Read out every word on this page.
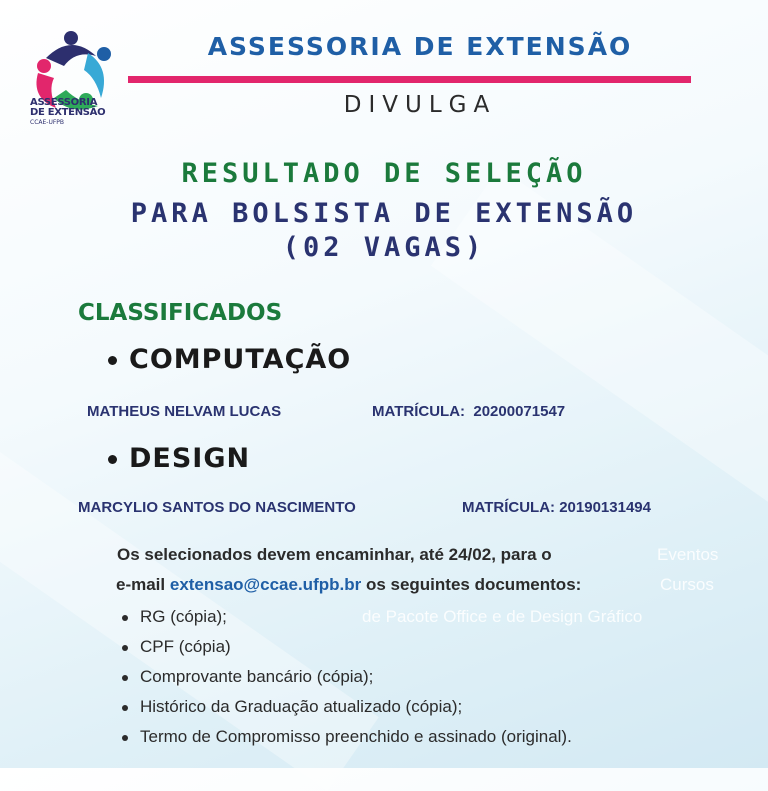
Eventos
Cursos
de Pacote Office e de Design Gráfico
ASSESSORIA
DE EXTENSÃO
CCAE-UFPB
ASSESSORIA DE EXTENSÃO
DIVULGA
RESULTADO DE SELEÇÃO
PARA BOLSISTA DE EXTENSÃO
(02 VAGAS)
CLASSIFICADOS
COMPUTAÇÃO
MATHEUS NELVAM LUCAS	MATRÍCULA:  20200071547
DESIGN
MARCYLIO SANTOS DO NASCIMENTO	MATRÍCULA: 20190131494
Os selecionados devem encaminhar, até 24/02, para o
e-mail extensao@ccae.ufpb.br os seguintes documentos:
RG (cópia);
CPF (cópia)
Comprovante bancário (cópia);
Histórico da Graduação atualizado (cópia);
Termo de Compromisso preenchido e assinado (original).
